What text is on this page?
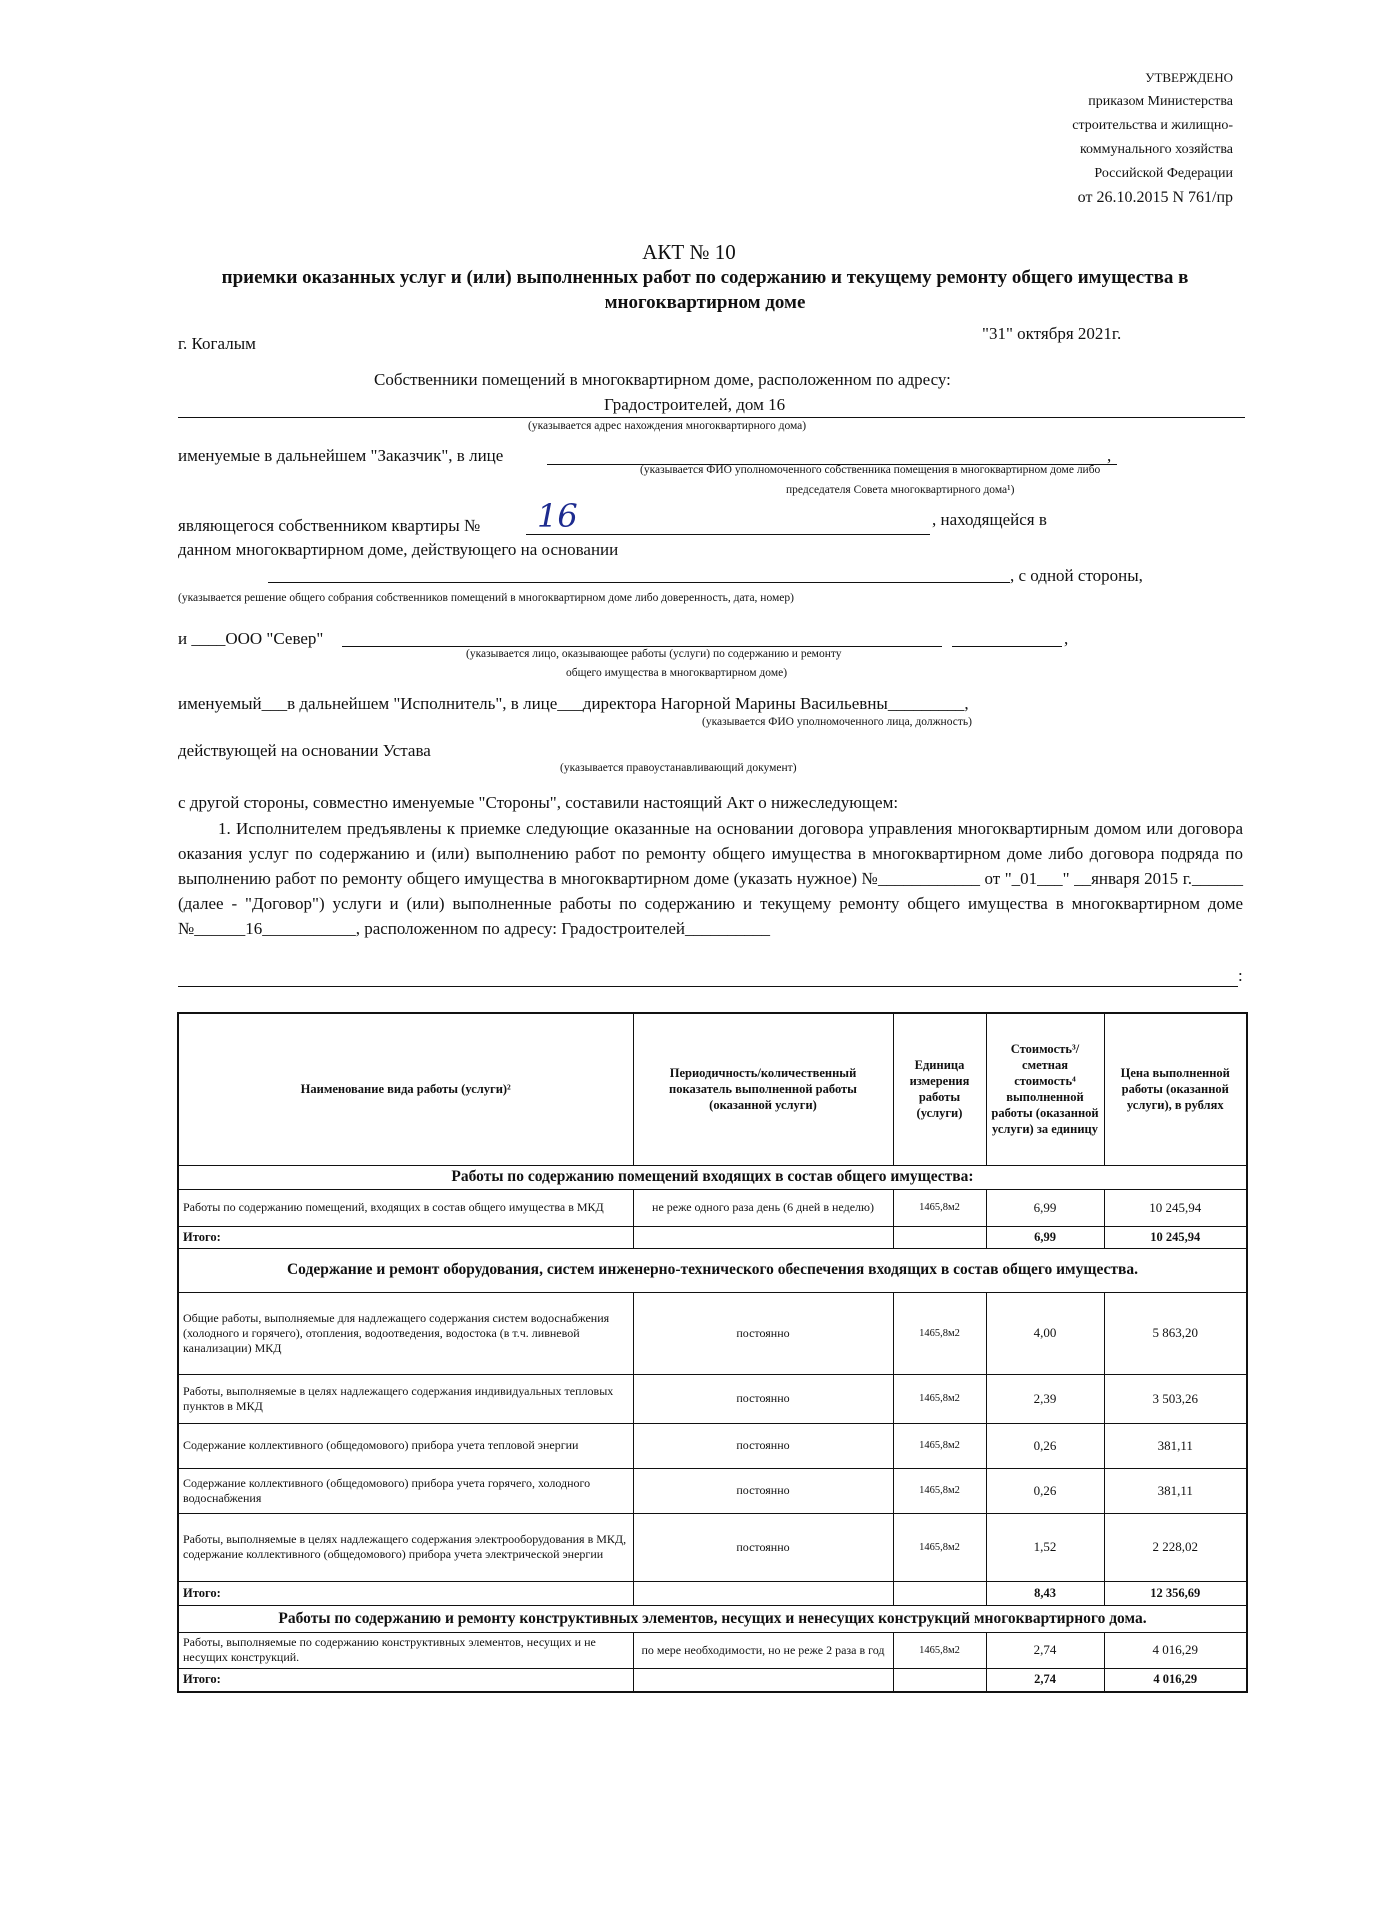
УТВЕРЖДЕНО
приказом Министерства
строительства и жилищно-
коммунального хозяйства
Российской Федерации
от 26.10.2015 N 761/пр
АКТ № 10
приемки оказанных услуг и (или) выполненных работ по содержанию и текущему ремонту общего имущества в многоквартирном доме
г. Когалым
"31" октября 2021г.
Собственники помещений в многоквартирном доме, расположенном по адресу:
Градостроителей, дом 16
(указывается адрес нахождения многоквартирного дома)
именуемые в дальнейшем "Заказчик", в лице	,
(указывается ФИО уполномоченного собственника помещения в многоквартирном доме либо
председателя Совета многоквартирного дома¹)
являющегося собственником квартиры № 16	, находящейся в
данном многоквартирном доме, действующего на основании
, с одной стороны,
(указывается решение общего собрания собственников помещений в многоквартирном доме либо доверенность, дата, номер)
и ____ООО "Север"	,
(указывается лицо, оказывающее работы (услуги) по содержанию и ремонту
общего имущества в многоквартирном доме)
именуемый___в дальнейшем "Исполнитель", в лице___директора Нагорной Марины Васильевны_________,
(указывается ФИО уполномоченного лица, должность)
действующей на основании Устава
(указывается правоустанавливающий документ)
с другой стороны, совместно именуемые "Стороны", составили настоящий Акт о нижеследующем:
1. Исполнителем предъявлены к приемке следующие оказанные на основании договора управления многоквартирным домом или договора оказания услуг по содержанию и (или) выполнению работ по ремонту общего имущества в многоквартирном доме либо договора подряда по выполнению работ по ремонту общего имущества в многоквартирном доме (указать нужное) №____________ от "_01___" __января 2015 г.______ (далее - "Договор") услуги и (или) выполненные работы по содержанию и текущему ремонту общего имущества в многоквартирном доме №______16___________, расположенном по адресу: Градостроителей__________
:
Наименование вида работы (услуги)²	Периодичность/количественный показатель выполненной работы (оказанной услуги)	Единица измерения работы (услуги)	Стоимость³/сметная стоимость⁴ выполненной работы (оказанной услуги) за единицу	Цена выполненной работы (оказанной услуги), в рублях
Работы по содержанию помещений входящих в состав общего имущества:				
Работы по содержанию помещений, входящих в состав общего имущества в МКД	не реже одного раза день (6 дней в неделю)	1465,8м2	6,99	10 245,94
Итого:			6,99	10 245,94
Содержание и ремонт оборудования, систем инженерно-технического обеспечения входящих в состав общего имущества.				
Общие работы, выполняемые для надлежащего содержания систем водоснабжения (холодного и горячего), отопления, водоотведения, водостока (в т.ч. ливневой канализации) МКД	постоянно	1465,8м2	4,00	5 863,20
Работы, выполняемые в целях надлежащего содержания индивидуальных тепловых пунктов в МКД	постоянно	1465,8м2	2,39	3 503,26
Содержание коллективного (общедомового) прибора учета тепловой энергии	постоянно	1465,8м2	0,26	381,11
Содержание коллективного (общедомового) прибора учета горячего, холодного водоснабжения	постоянно	1465,8м2	0,26	381,11
Работы, выполняемые в целях надлежащего содержания электрооборудования в МКД, содержание коллективного (общедомового) прибора учета электрической энергии	постоянно	1465,8м2	1,52	2 228,02
Итого:			8,43	12 356,69
Работы по содержанию и ремонту конструктивных элементов, несущих и ненесущих конструкций многоквартирного дома.				
Работы, выполняемые по содержанию конструктивных элементов, несущих и не несущих конструкций.	по мере необходимости, но не реже 2 раза в год	1465,8м2	2,74	4 016,29
Итого:			2,74	4 016,29
